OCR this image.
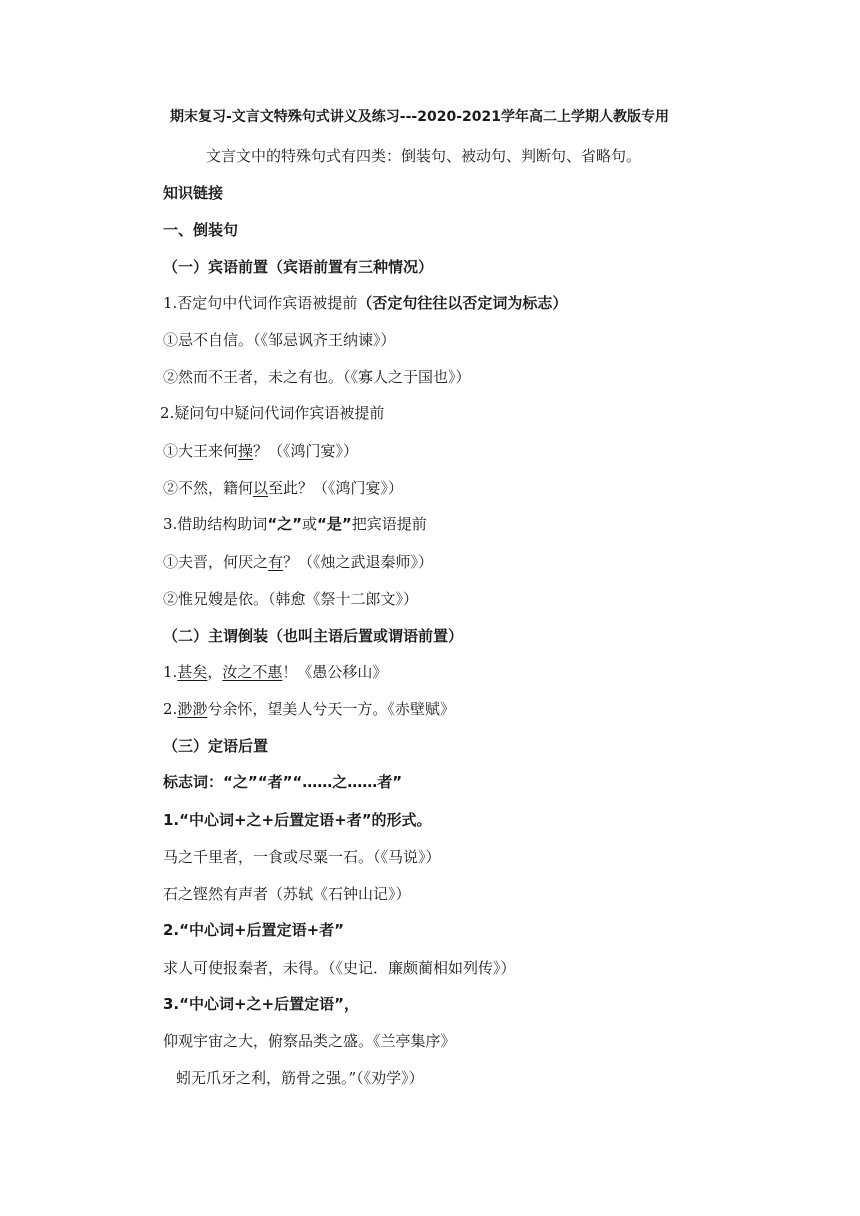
期末复习-文言文特殊句式讲义及练习---2020-2021学年高二上学期人教版专用
文言文中的特殊句式有四类：倒装句、被动句、判断句、省略句。
知识链接
一、倒装句
（一）宾语前置（宾语前置有三种情况）
1.否定句中代词作宾语被提前（否定句往往以否定词为标志）
①忌不自信。（《邹忌讽齐王纳谏》）
②然而不王者，未之有也。（《寡人之于国也》）
2.疑问句中疑问代词作宾语被提前
①大王来何操？（《鸿门宴》）
②不然，籍何以至此？（《鸿门宴》）
3.借助结构助词“之”或“是”把宾语提前
①夫晋，何厌之有？（《烛之武退秦师》）
②惟兄嫂是依。（韩愈《祭十二郎文》）
（二）主谓倒装（也叫主语后置或谓语前置）
1.甚矣，汝之不惠！《愚公移山》
2.渺渺兮余怀，望美人兮天一方。《赤壁赋》
（三）定语后置
标志词：“之”“者”“……之……者”
1.“中心词+之+后置定语+者”的形式。
马之千里者，一食或尽粟一石。（《马说》）
石之铿然有声者（苏轼《石钟山记》）
2.“中心词+后置定语+者”
求人可使报秦者，未得。（《史记．廉颇蔺相如列传》）
3.“中心词+之+后置定语”，
仰观宇宙之大，俯察品类之盛。《兰亭集序》
蚓无爪牙之利，筋骨之强。”（《劝学》）
